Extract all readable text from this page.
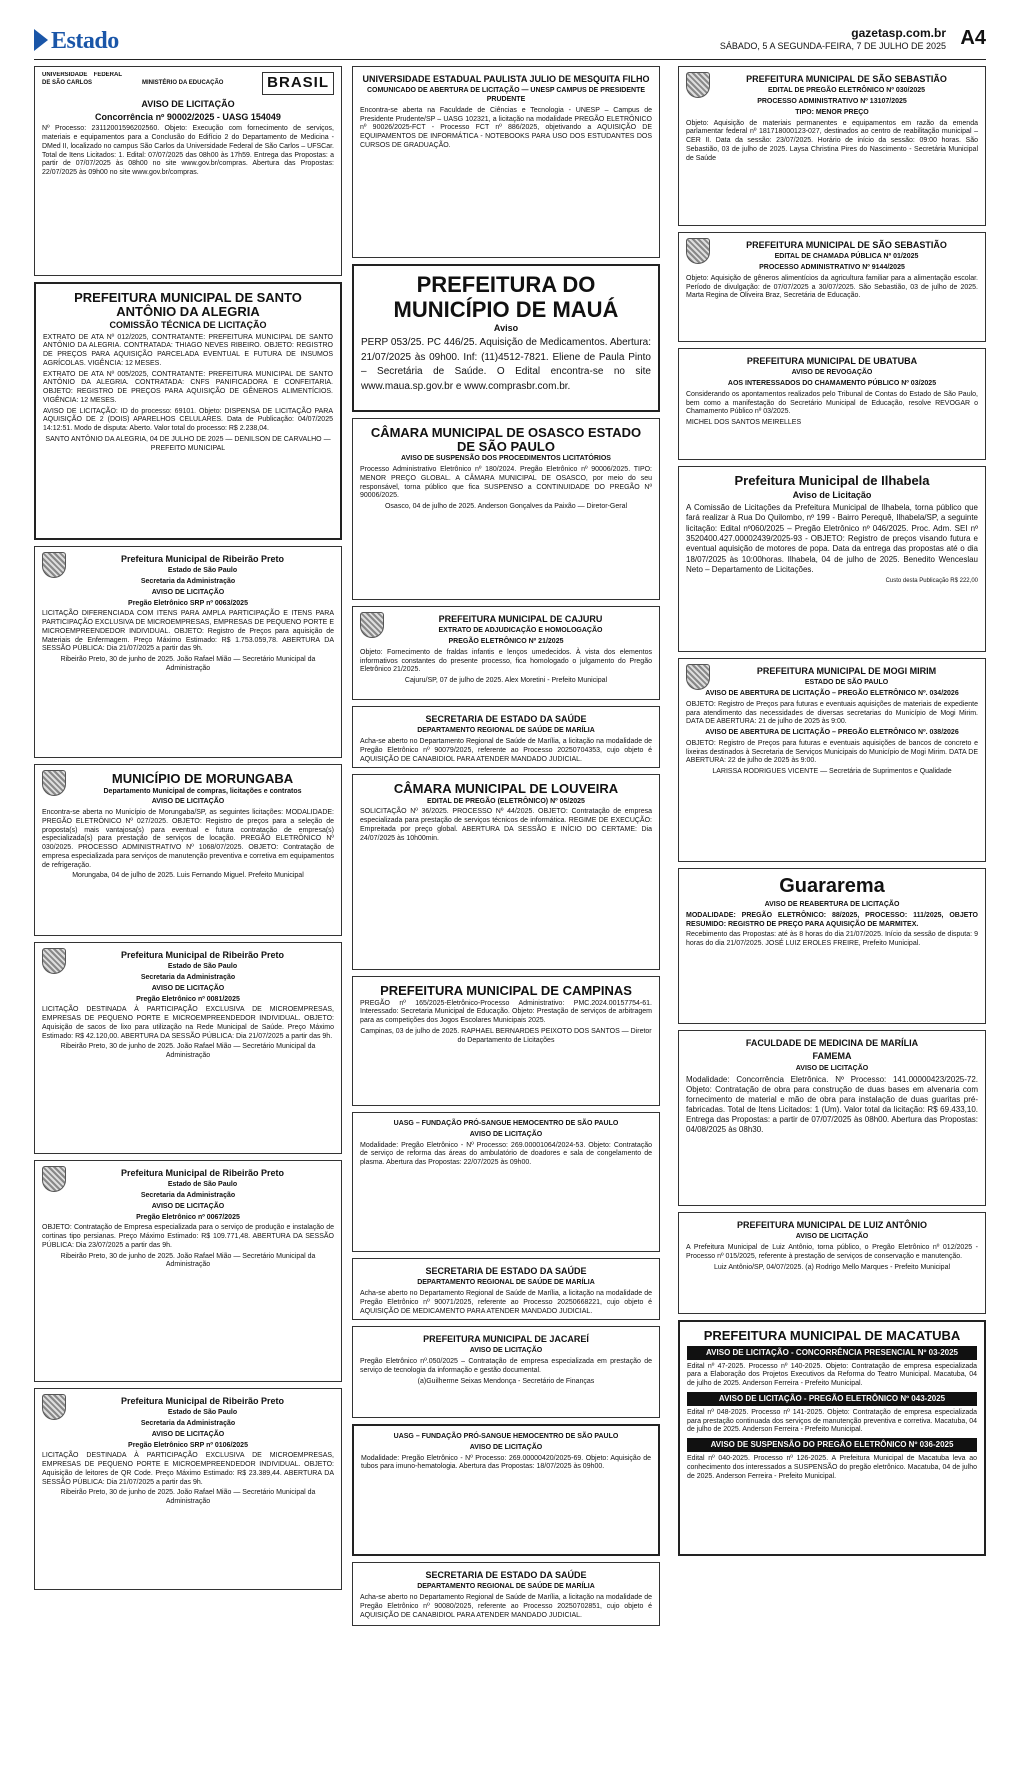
Estado	gazetasp.com.br
SÁBADO, 5 A SEGUNDA-FEIRA, 7 DE JULHO DE 2025 A4
UNIVERSIDADE FEDERAL DE SÃO CARLOS	MINISTÉRIO DA EDUCAÇÃO	BRASIL
AVISO DE LICITAÇÃO
Concorrência nº 90002/2025 - UASG 154049

Nº Processo: 23112001596202560. Objeto: Execução com fornecimento de serviços, materiais e equipamentos para a Conclusão do Edifício 2 do Departamento de Medicina - DMed II, localizado no campus São Carlos da Universidade Federal de São Carlos – UFSCar. Total de Itens Licitados: 1. Edital: 07/07/2025 das 08h00 às 17h59. Entrega das Propostas: a partir de 07/07/2025 às 08h00 no site www.gov.br/compras. Abertura das Propostas: 22/07/2025 às 09h00 no site www.gov.br/compras.

PREFEITURA MUNICIPAL DE SANTO ANTÔNIO DA ALEGRIA
COMISSÃO TÉCNICA DE LICITAÇÃO

EXTRATO DE ATA Nº 012/2025, CONTRATANTE: PREFEITURA MUNICIPAL DE SANTO ANTÔNIO DA ALEGRIA. CONTRATADA: THIAGO NEVES RIBEIRO. OBJETO: REGISTRO DE PREÇOS PARA AQUISIÇÃO PARCELADA EVENTUAL E FUTURA DE INSUMOS AGRÍCOLAS. VIGÊNCIA: 12 MESES.

EXTRATO DE ATA Nº 005/2025, CONTRATANTE: PREFEITURA MUNICIPAL DE SANTO ANTÔNIO DA ALEGRIA. CONTRATADA: CNFS PANIFICADORA E CONFEITARIA. OBJETO: REGISTRO DE PREÇOS PARA AQUISIÇÃO DE GÊNEROS ALIMENTÍCIOS. VIGÊNCIA: 12 MESES.

AVISO DE LICITAÇÃO: ID do processo: 69101. Objeto: DISPENSA DE LICITAÇÃO PARA AQUISIÇÃO DE 2 (DOIS) APARELHOS CELULARES. Data de Publicação: 04/07/2025 14:12:51. Modo de disputa: Aberto. Valor total do processo: R$ 2.238,04.

SANTO ANTÔNIO DA ALEGRIA, 04 DE JULHO DE 2025 — DENILSON DE CARVALHO — PREFEITO MUNICIPAL

Prefeitura Municipal de Ribeirão Preto
Estado de São Paulo
Secretaria da Administração
AVISO DE LICITAÇÃO
Pregão Eletrônico SRP nº 0063/2025

LICITAÇÃO DIFERENCIADA COM ITENS PARA AMPLA PARTICIPAÇÃO E ITENS PARA PARTICIPAÇÃO EXCLUSIVA DE MICROEMPRESAS, EMPRESAS DE PEQUENO PORTE E MICROEMPREENDEDOR INDIVIDUAL. OBJETO: Registro de Preços para aquisição de Materiais de Enfermagem. Preço Máximo Estimado: R$ 1.753.059,78. ABERTURA DA SESSÃO PÚBLICA: Dia 21/07/2025 a partir das 9h.

Ribeirão Preto, 30 de junho de 2025. João Rafael Mião — Secretário Municipal da Administração

MUNICÍPIO DE MORUNGABA
Departamento Municipal de compras, licitações e contratos
AVISO DE LICITAÇÃO

Encontra-se aberta no Município de Morungaba/SP, as seguintes licitações: MODALIDADE: PREGÃO ELETRÔNICO Nº 027/2025. OBJETO: Registro de preços para a seleção de proposta(s) mais vantajosa(s) para eventual e futura contratação de empresa(s) especializada(s) para prestação de serviços de locação. PREGÃO ELETRÔNICO Nº 030/2025. PROCESSO ADMINISTRATIVO Nº 1068/07/2025. OBJETO: Contratação de empresa especializada para serviços de manutenção preventiva e corretiva em equipamentos de refrigeração.

Morungaba, 04 de julho de 2025. Luis Fernando Miguel. Prefeito Municipal

Prefeitura Municipal de Ribeirão Preto
Estado de São Paulo
Secretaria da Administração
AVISO DE LICITAÇÃO
Pregão Eletrônico nº 0081/2025

LICITAÇÃO DESTINADA À PARTICIPAÇÃO EXCLUSIVA DE MICROEMPRESAS, EMPRESAS DE PEQUENO PORTE E MICROEMPREENDEDOR INDIVIDUAL. OBJETO: Aquisição de sacos de lixo para utilização na Rede Municipal de Saúde. Preço Máximo Estimado: R$ 42.120,00. ABERTURA DA SESSÃO PÚBLICA: Dia 21/07/2025 a partir das 9h.

Ribeirão Preto, 30 de junho de 2025. João Rafael Mião — Secretário Municipal da Administração

Prefeitura Municipal de Ribeirão Preto
Estado de São Paulo
Secretaria da Administração
AVISO DE LICITAÇÃO
Pregão Eletrônico nº 0067/2025

OBJETO: Contratação de Empresa especializada para o serviço de produção e instalação de cortinas tipo persianas. Preço Máximo Estimado: R$ 109.771,48. ABERTURA DA SESSÃO PÚBLICA: Dia 23/07/2025 a partir das 9h.

Ribeirão Preto, 30 de junho de 2025. João Rafael Mião — Secretário Municipal da Administração

Prefeitura Municipal de Ribeirão Preto
Estado de São Paulo
Secretaria da Administração
AVISO DE LICITAÇÃO
Pregão Eletrônico SRP nº 0106/2025

LICITAÇÃO DESTINADA À PARTICIPAÇÃO EXCLUSIVA DE MICROEMPRESAS, EMPRESAS DE PEQUENO PORTE E MICROEMPREENDEDOR INDIVIDUAL. OBJETO: Aquisição de leitores de QR Code. Preço Máximo Estimado: R$ 23.389,44. ABERTURA DA SESSÃO PÚBLICA: Dia 21/07/2025 a partir das 9h.

Ribeirão Preto, 30 de junho de 2025. João Rafael Mião — Secretário Municipal da Administração

UNIVERSIDADE ESTADUAL PAULISTA JULIO DE MESQUITA FILHO
COMUNICADO DE ABERTURA DE LICITAÇÃO — UNESP CAMPUS DE PRESIDENTE PRUDENTE

Encontra-se aberta na Faculdade de Ciências e Tecnologia - UNESP – Campus de Presidente Prudente/SP – UASG 102321, a licitação na modalidade PREGÃO ELETRÔNICO nº 90026/2025-FCT - Processo FCT nº 886/2025, objetivando a AQUISIÇÃO DE EQUIPAMENTOS DE INFORMÁTICA - NOTEBOOKS PARA USO DOS ESTUDANTES DOS CURSOS DE GRADUAÇÃO.

PREFEITURA DO
MUNICÍPIO DE MAUÁ
Aviso

PERP 053/25. PC 446/25. Aquisição de Medicamentos. Abertura: 21/07/2025 às 09h00. Inf: (11)4512-7821. Eliene de Paula Pinto – Secretária de Saúde. O Edital encontra-se no site www.maua.sp.gov.br e www.comprasbr.com.br.

CÂMARA MUNICIPAL DE OSASCO ESTADO DE SÃO PAULO
AVISO DE SUSPENSÃO DOS PROCEDIMENTOS LICITATÓRIOS

Processo Administrativo Eletrônico nº 180/2024. Pregão Eletrônico nº 90006/2025. TIPO: MENOR PREÇO GLOBAL. A CÂMARA MUNICIPAL DE OSASCO, por meio do seu responsável, torna público que fica SUSPENSO a CONTINUIDADE DO PREGÃO Nº 90006/2025.

Osasco, 04 de julho de 2025. Anderson Gonçalves da Paixão — Diretor-Geral

PREFEITURA MUNICIPAL DE CAJURU
EXTRATO DE ADJUDICAÇÃO E HOMOLOGAÇÃO
PREGÃO ELETRÔNICO Nº 21/2025

Objeto: Fornecimento de fraldas infantis e lenços umedecidos. À vista dos elementos informativos constantes do presente processo, fica homologado o julgamento do Pregão Eletrônico 21/2025.

Cajuru/SP, 07 de julho de 2025. Alex Moretini - Prefeito Municipal

SECRETARIA DE ESTADO DA SAÚDE
DEPARTAMENTO REGIONAL DE SAÚDE DE MARÍLIA

Acha-se aberto no Departamento Regional de Saúde de Marília, a licitação na modalidade de Pregão Eletrônico nº 90079/2025, referente ao Processo 20250704353, cujo objeto é AQUISIÇÃO DE CANABIDIOL PARA ATENDER MANDADO JUDICIAL.

CÂMARA MUNICIPAL DE LOUVEIRA
EDITAL DE PREGÃO (ELETRÔNICO) Nº 05/2025

SOLICITAÇÃO Nº 36/2025. PROCESSO Nº 44/2025. OBJETO: Contratação de empresa especializada para prestação de serviços técnicos de informática. REGIME DE EXECUÇÃO: Empreitada por preço global. ABERTURA DA SESSÃO E INÍCIO DO CERTAME: Dia 24/07/2025 às 10h00min.

PREFEITURA MUNICIPAL DE CAMPINAS

PREGÃO nº 165/2025-Eletrônico-Processo Administrativo: PMC.2024.00157754-61. Interessado: Secretaria Municipal de Educação. Objeto: Prestação de serviços de arbitragem para as competições dos Jogos Escolares Municipais 2025.

Campinas, 03 de julho de 2025. RAPHAEL BERNARDES PEIXOTO DOS SANTOS — Diretor do Departamento de Licitações

UASG – FUNDAÇÃO PRÓ-SANGUE HEMOCENTRO DE SÃO PAULO
AVISO DE LICITAÇÃO

Modalidade: Pregão Eletrônico - Nº Processo: 269.00001064/2024-53. Objeto: Contratação de serviço de reforma das áreas do ambulatório de doadores e sala de congelamento de plasma. Abertura das Propostas: 22/07/2025 às 09h00.

SECRETARIA DE ESTADO DA SAÚDE
DEPARTAMENTO REGIONAL DE SAÚDE DE MARÍLIA

Acha-se aberto no Departamento Regional de Saúde de Marília, a licitação na modalidade de Pregão Eletrônico nº 90071/2025, referente ao Processo 20250668221, cujo objeto é AQUISIÇÃO DE MEDICAMENTO PARA ATENDER MANDADO JUDICIAL.

PREFEITURA MUNICIPAL DE JACAREÍ
AVISO DE LICITAÇÃO

Pregão Eletrônico nº.050/2025 – Contratação de empresa especializada em prestação de serviço de tecnologia da informação e gestão documental.

(a)Guilherme Seixas Mendonça - Secretário de Finanças

UASG – FUNDAÇÃO PRÓ-SANGUE HEMOCENTRO DE SÃO PAULO
AVISO DE LICITAÇÃO

Modalidade: Pregão Eletrônico - Nº Processo: 269.00000420/2025-69. Objeto: Aquisição de tubos para imuno-hematologia. Abertura das Propostas: 18/07/2025 às 09h00.

SECRETARIA DE ESTADO DA SAÚDE
DEPARTAMENTO REGIONAL DE SAÚDE DE MARÍLIA

Acha-se aberto no Departamento Regional de Saúde de Marília, a licitação na modalidade de Pregão Eletrônico nº 90080/2025, referente ao Processo 20250702851, cujo objeto é AQUISIÇÃO DE CANABIDIOL PARA ATENDER MANDADO JUDICIAL.

PREFEITURA MUNICIPAL DE SÃO SEBASTIÃO
EDITAL DE PREGÃO ELETRÔNICO Nº 030/2025
PROCESSO ADMINISTRATIVO Nº 13107/2025
TIPO: MENOR PREÇO

Objeto: Aquisição de materiais permanentes e equipamentos em razão da emenda parlamentar federal nº 181718000123-027, destinados ao centro de reabilitação municipal – CER II. Data da sessão: 23/07/2025. Horário de início da sessão: 09:00 horas. São Sebastião, 03 de julho de 2025. Laysa Christina Pires do Nascimento - Secretária Municipal de Saúde

PREFEITURA MUNICIPAL DE SÃO SEBASTIÃO
EDITAL DE CHAMADA PÚBLICA Nº 01/2025
PROCESSO ADMINISTRATIVO Nº 9144/2025

Objeto: Aquisição de gêneros alimentícios da agricultura familiar para a alimentação escolar. Período de divulgação: de 07/07/2025 a 30/07/2025. São Sebastião, 03 de julho de 2025. Marta Regina de Oliveira Braz, Secretária de Educação.

PREFEITURA MUNICIPAL DE UBATUBA
AVISO DE REVOGAÇÃO
AOS INTERESSADOS DO CHAMAMENTO PÚBLICO Nº 03/2025

Considerando os apontamentos realizados pelo Tribunal de Contas do Estado de São Paulo, bem como a manifestação do Secretário Municipal de Educação, resolve REVOGAR o Chamamento Público nº 03/2025.

MICHEL DOS SANTOS MEIRELLES

Prefeitura Municipal de Ilhabela
Aviso de Licitação

A Comissão de Licitações da Prefeitura Municipal de Ilhabela, torna público que fará realizar à Rua Do Quilombo, nº 199 - Bairro Perequê, Ilhabela/SP, a seguinte licitação: Edital nº060/2025 – Pregão Eletrônico nº 046/2025. Proc. Adm. SEI nº 3520400.427.00002439/2025-93 - OBJETO: Registro de preços visando futura e eventual aquisição de motores de popa. Data da entrega das propostas até o dia 18/07/2025 às 10:00horas. Ilhabela, 04 de julho de 2025. Benedito Wenceslau Neto – Departamento de Licitações.

Custo desta Publicação R$ 222,00

PREFEITURA MUNICIPAL DE MOGI MIRIM
ESTADO DE SÃO PAULO
AVISO DE ABERTURA DE LICITAÇÃO – PREGÃO ELETRÔNICO Nº. 034/2026

OBJETO: Registro de Preços para futuras e eventuais aquisições de materiais de expediente para atendimento das necessidades de diversas secretarias do Município de Mogi Mirim. DATA DE ABERTURA: 21 de julho de 2025 às 9:00.

AVISO DE ABERTURA DE LICITAÇÃO – PREGÃO ELETRÔNICO Nº. 038/2026

OBJETO: Registro de Preços para futuras e eventuais aquisições de bancos de concreto e lixeiras destinados à Secretaria de Serviços Municipais do Município de Mogi Mirim. DATA DE ABERTURA: 22 de julho de 2025 às 9:00.

LARISSA RODRIGUES VICENTE — Secretária de Suprimentos e Qualidade

Guararema
AVISO DE REABERTURA DE LICITAÇÃO

MODALIDADE: PREGÃO ELETRÔNICO: 88/2025, PROCESSO: 111/2025, OBJETO RESUMIDO: REGISTRO DE PREÇO PARA AQUISIÇÃO DE MARMITEX.

Recebimento das Propostas: até às 8 horas do dia 21/07/2025. Início da sessão de disputa: 9 horas do dia 21/07/2025. JOSÉ LUIZ EROLES FREIRE, Prefeito Municipal.

FACULDADE DE MEDICINA DE MARÍLIA
FAMEMA
AVISO DE LICITAÇÃO

Modalidade: Concorrência Eletrônica. Nº Processo: 141.00000423/2025-72. Objeto: Contratação de obra para construção de duas bases em alvenaria com fornecimento de material e mão de obra para instalação de duas guaritas pré-fabricadas. Total de Itens Licitados: 1 (Um). Valor total da licitação: R$ 69.433,10. Entrega das Propostas: a partir de 07/07/2025 às 08h00. Abertura das Propostas: 04/08/2025 às 08h30.

PREFEITURA MUNICIPAL DE LUIZ ANTÔNIO
AVISO DE LICITAÇÃO

A Prefeitura Municipal de Luiz Antônio, torna público, o Pregão Eletrônico nº 012/2025 - Processo nº 015/2025, referente à prestação de serviços de conservação e manutenção.

Luiz Antônio/SP, 04/07/2025. (a) Rodrigo Mello Marques - Prefeito Municipal

PREFEITURA MUNICIPAL DE MACATUBA
AVISO DE LICITAÇÃO - CONCORRÊNCIA PRESENCIAL Nº 03-2025

Edital nº 47-2025. Processo nº 140-2025. Objeto: Contratação de empresa especializada para a Elaboração dos Projetos Executivos da Reforma do Teatro Municipal. Macatuba, 04 de julho de 2025. Anderson Ferreira - Prefeito Municipal.

AVISO DE LICITAÇÃO - PREGÃO ELETRÔNICO Nº 043-2025

Edital nº 048-2025. Processo nº 141-2025. Objeto: Contratação de empresa especializada para prestação continuada dos serviços de manutenção preventiva e corretiva. Macatuba, 04 de julho de 2025. Anderson Ferreira - Prefeito Municipal.

AVISO DE SUSPENSÃO DO PREGÃO ELETRÔNICO Nº 036-2025

Edital nº 040-2025. Processo nº 126-2025. A Prefeitura Municipal de Macatuba leva ao conhecimento dos interessados a SUSPENSÃO do pregão eletrônico. Macatuba, 04 de julho de 2025. Anderson Ferreira - Prefeito Municipal.
